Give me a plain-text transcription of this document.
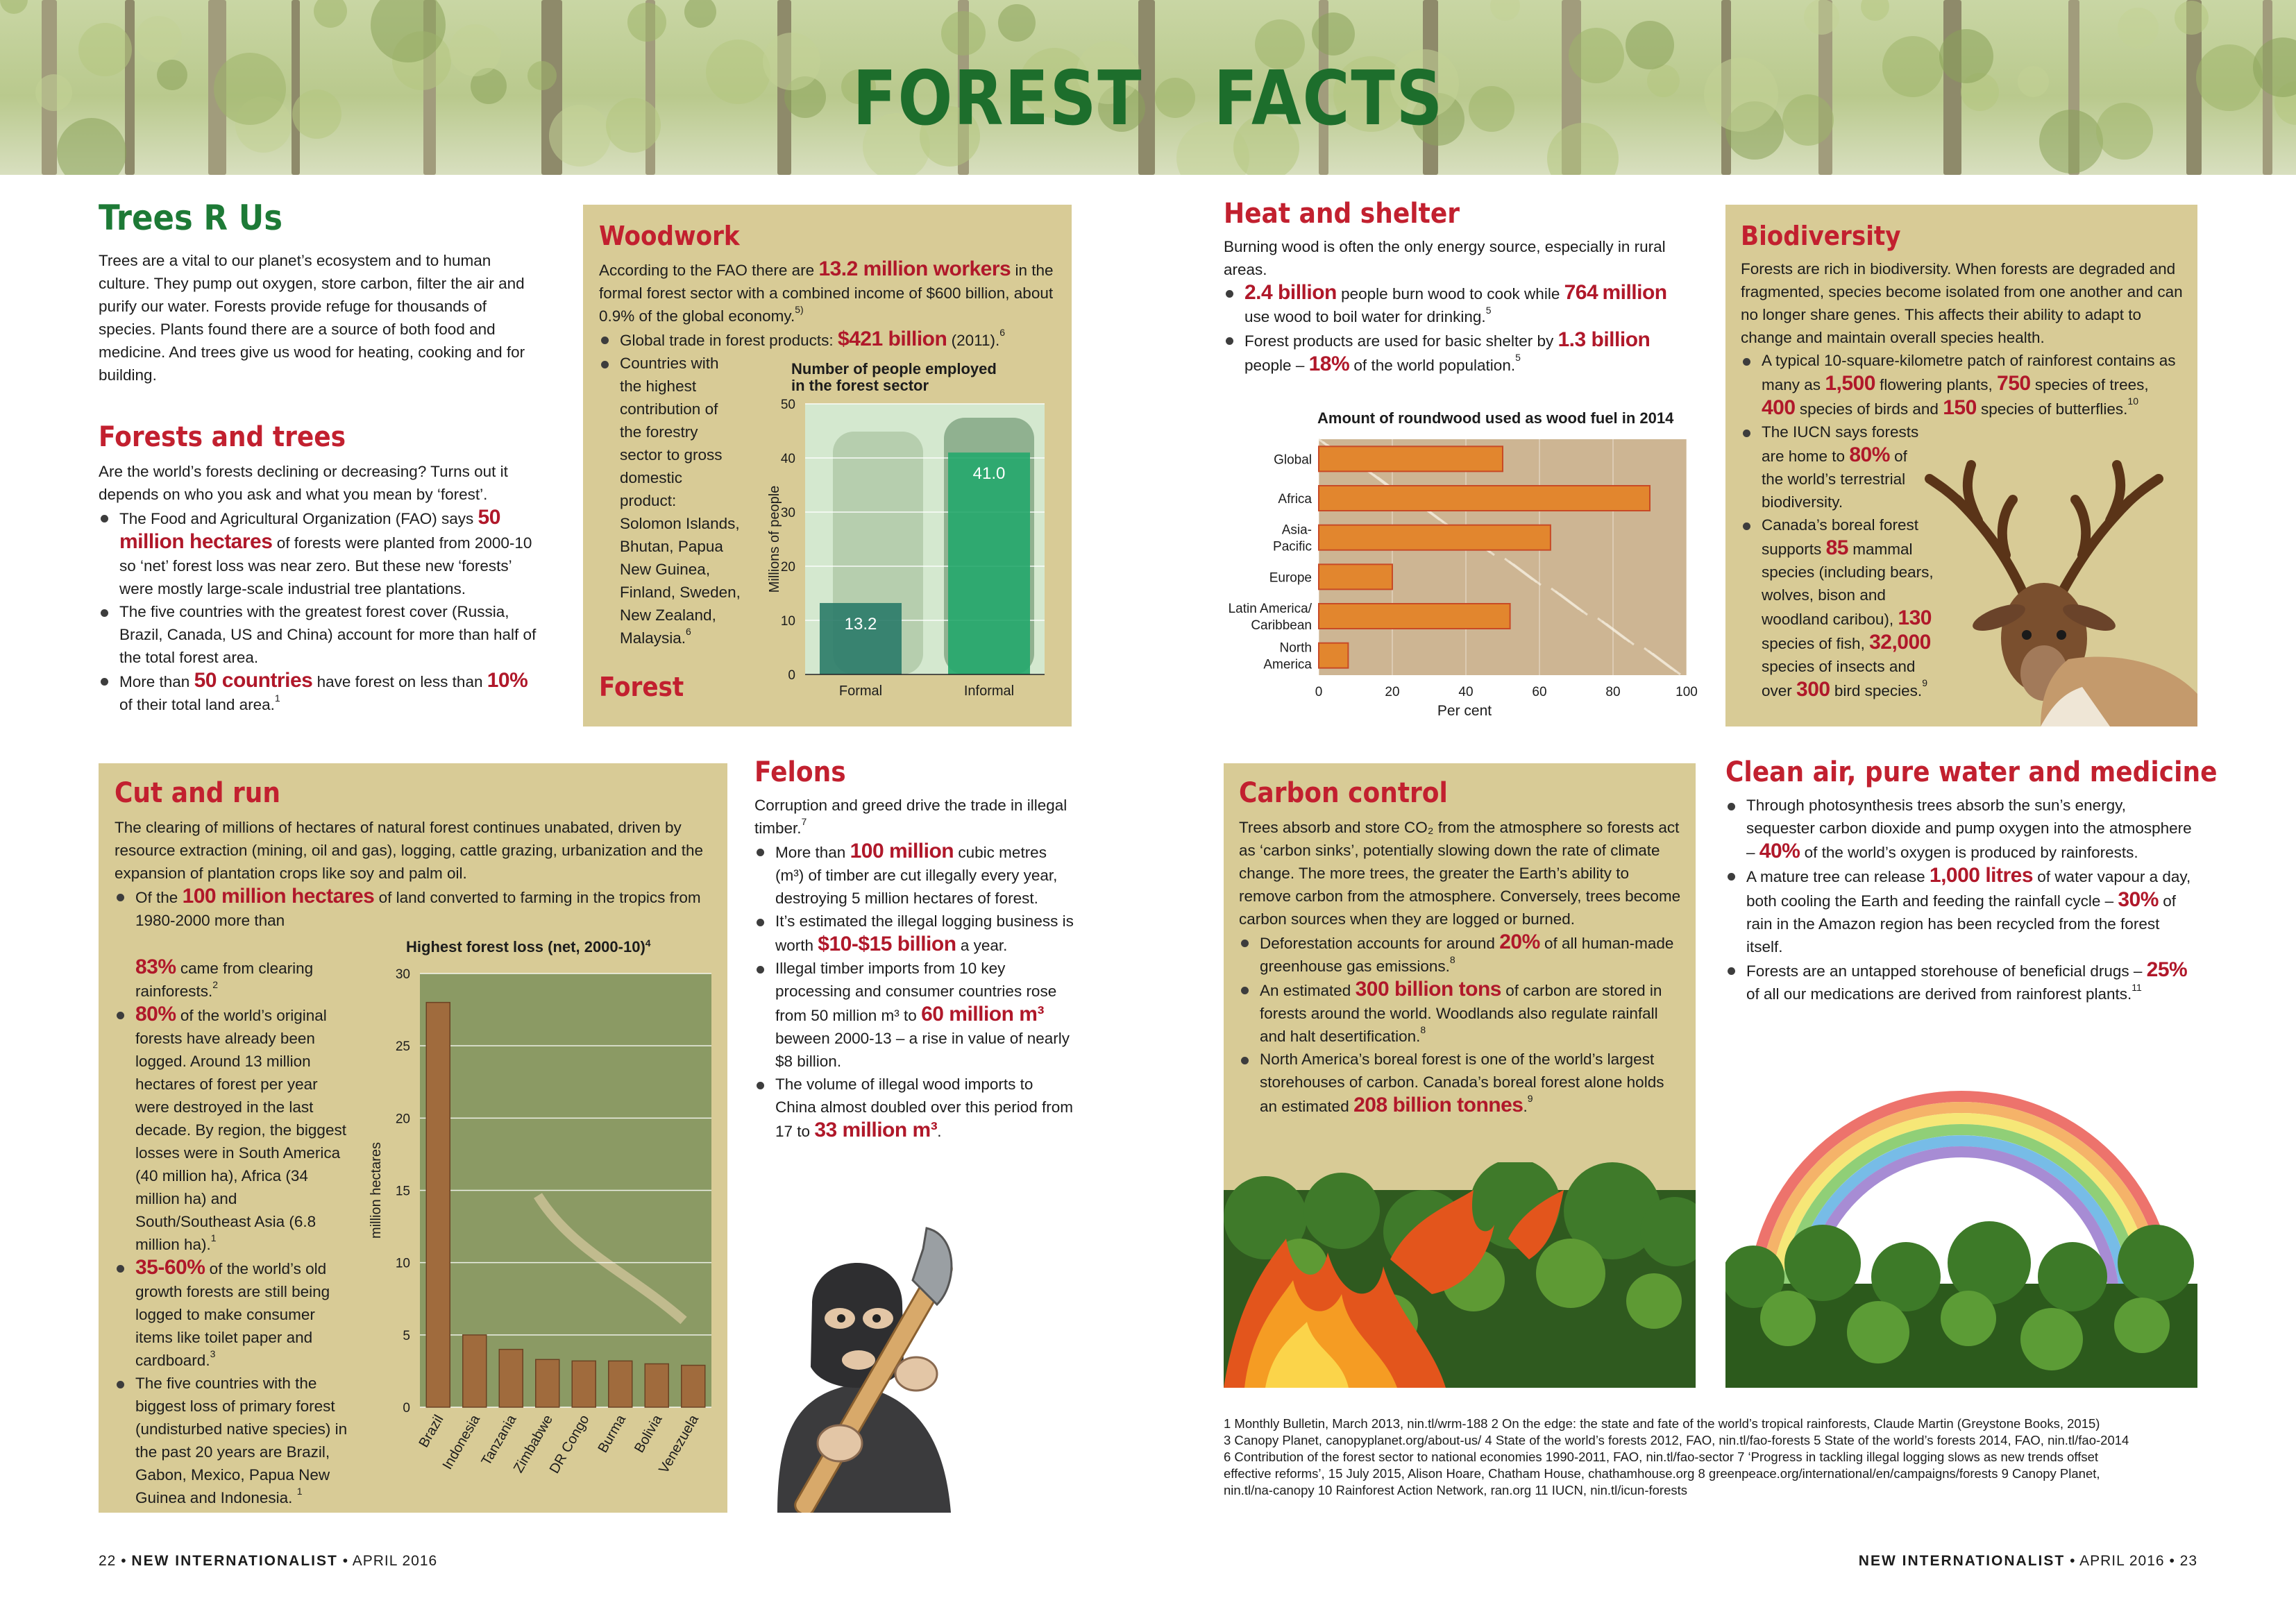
FOREST   FACTS
Trees R Us
Trees are a vital to our planet’s ecosystem and to human culture. They pump out oxygen, store carbon, filter the air and purify our water. Forests provide refuge for thousands of species. Plants found there are a source of both food and medicine. And trees give us wood for heating, cooking and for building.
Forests and trees
Are the world’s forests declining or decreasing? Turns out it depends on who you ask and what you mean by ‘forest’.
The Food and Agricultural Organization (FAO) says 50 million hectares of forests were planted from 2000-10 so ‘net’ forest loss was near zero. But these new ‘forests’ were mostly large-scale industrial tree plantations.
The five countries with the greatest forest cover (Russia, Brazil, Canada, US and China) account for more than half of the total forest area.
More than 50 countries have forest on less than 10% of their total land area.$^1$
Woodwork
According to the FAO there are 13.2 million workers in the formal forest sector with a combined income of $600 billion, about 0.9% of the global economy.$^{5)}$
Global trade in forest products: $421 billion (2011).$^6$
Countries with
the highest
contribution of
the forestry
sector to gross
domestic
product:
Solomon Islands,
Bhutan, Papua
New Guinea,
Finland, Sweden,
New Zealand,
Malaysia.$^6$
Forest
Number of people employed
in the forest sector
0
10
20
30
40
50
13.2
Formal
41.0
Informal
Millions of people
Heat and shelter
Burning wood is often the only energy source, especially in rural areas.
2.4 billion people burn wood to cook while 764 million use wood to boil water for drinking.$^5$
Forest products are used for basic shelter by 1.3 billion people – 18% of the world population.$^5$
Amount of roundwood used as wood fuel in 2014
0	20	40	60	80	100
Global
Africa
Asia-
Pacific
Europe
Latin America/
Caribbean
North
America
Per cent
Biodiversity
Forests are rich in biodiversity. When forests are degraded and fragmented, species become isolated from one another and can no longer share genes. This affects their ability to adapt to change and maintain overall species health.
A typical 10-square-kilometre patch of rainforest contains as many as 1,500 flowering plants, 750 species of trees, 400 species of birds and 150 species of butterflies.$^{10}$
The IUCN says forests are home to 80% of the world’s terrestrial biodiversity.
Canada’s boreal forest supports 85 mammal species (including bears, wolves, bison and woodland caribou), 130 species of fish, 32,000 species of insects and over 300 bird species.$^9$
Cut and run
The clearing of millions of hectares of natural forest continues unabated, driven by resource extraction (mining, oil and gas), logging, cattle grazing, urbanization and the expansion of plantation crops like soy and palm oil.
Of the 100 million hectares of land converted to farming in the tropics from 1980-2000 more than
83% came from clearing rainforests.$^2$
80% of the world’s original forests have already been logged. Around 13 million hectares of forest per year were destroyed in the last decade. By region, the biggest losses were in South America (40 million ha), Africa (34 million ha) and South/Southeast Asia (6.8 million ha).$^1$
35-60% of the world’s old growth forests are still being logged to make consumer items like toilet paper and cardboard.$^3$
The five countries with the biggest loss of primary forest (undisturbed native species) in the past 20 years are Brazil, Gabon, Mexico, Papua New Guinea and Indonesia. $^1$
Highest forest loss (net, 2000-10)$^4$
0
5
10
15
20
25
30
Brazil
Indonesia
Tanzania
Zimbabwe
DR Congo Burma Bolivia
Venezuela
million hectares
Felons
Corruption and greed drive the trade in illegal timber.$^7$
More than 100 million cubic metres (m³) of timber are cut illegally every year, destroying 5 million hectares of forest.
It’s estimated the illegal logging business is worth $10-$15 billion a year.
Illegal timber imports from 10 key processing and consumer countries rose from 50 million m³ to 60 million m³ beween 2000-13 – a rise in value of nearly $8 billion.
The volume of illegal wood imports to China almost doubled over this period from 17 to 33 million m³.
Carbon control
Trees absorb and store CO₂ from the atmosphere so forests act as ‘carbon sinks’, potentially slowing down the rate of climate change. The more trees, the greater the Earth’s ability to remove carbon from the atmosphere. Conversely, trees become carbon sources when they are logged or burned.
Deforestation accounts for around 20% of all human-made greenhouse gas emissions.$^8$
An estimated 300 billion tons of carbon are stored in forests around the world. Woodlands also regulate rainfall and halt desertification.$^8$
North America’s boreal forest is one of the world’s largest storehouses of carbon. Canada’s boreal forest alone holds an estimated 208 billion tonnes.$^9$
Clean air, pure water and medicine
Through photosynthesis trees absorb the sun’s energy, sequester carbon dioxide and pump oxygen into the atmosphere – 40% of the world’s oxygen is produced by rainforests.
A mature tree can release 1,000 litres of water vapour a day, both cooling the Earth and feeding the rainfall cycle – 30% of rain in the Amazon region has been recycled from the forest itself.
Forests are an untapped storehouse of beneficial drugs – 25% of all our medications are derived from rainforest plants.$^{11}$
1 Monthly Bulletin, March 2013, nin.tl/wrm-188 2 On the edge: the state and fate of the world’s tropical rainforests, Claude Martin (Greystone Books, 2015)
3 Canopy Planet, canopyplanet.org/about-us/ 4 State of the world’s forests 2012, FAO, nin.tl/fao-forests 5 State of the world’s forests 2014, FAO, nin.tl/fao-2014
6 Contribution of the forest sector to national economies 1990-2011, FAO, nin.tl/fao-sector 7 ‘Progress in tackling illegal logging slows as new trends offset
effective reforms’, 15 July 2015, Alison Hoare, Chatham House, chathamhouse.org 8 greenpeace.org/international/en/campaigns/forests 9 Canopy Planet,
nin.tl/na-canopy 10 Rainforest Action Network, ran.org 11 IUCN, nin.tl/icun-forests
22 • NEW INTERNATIONALIST • APRIL 2016	NEW INTERNATIONALIST • APRIL 2016 • 23
